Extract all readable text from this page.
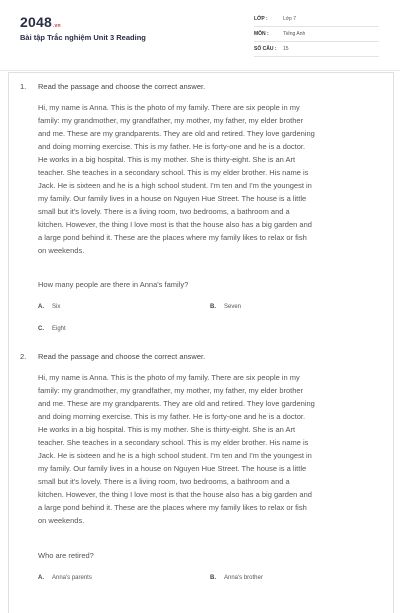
2048.vn
Bài tập Trắc nghiệm Unit 3 Reading
LỚP :	Lớp 7
MÔN :	Tiếng Anh
SỐ CÂU : 15
1. Read the passage and choose the correct answer.
Hi, my name is Anna. This is the photo of my family. There are six people in my
family: my grandmother, my grandfather, my mother, my father, my elder brother
and me. These are my grandparents. They are old and retired. They love gardening
and doing morning exercise. This is my father. He is forty-one and he is a doctor.
He works in a big hospital. This is my mother. She is thirty-eight. She is an Art
teacher. She teaches in a secondary school. This is my elder brother. His name is
Jack. He is sixteen and he is a high school student. I'm ten and I'm the youngest in
my family. Our family lives in a house on Nguyen Hue Street. The house is a little
small but it's lovely. There is a living room, two bedrooms, a bathroom and a
kitchen. However, the thing I love most is that the house also has a big garden and
a large pond behind it. These are the places where my family likes to relax or fish
on weekends.
How many people are there in Anna's family?
A. Six	B. Seven
C. Eight
2. Read the passage and choose the correct answer.
Hi, my name is Anna. This is the photo of my family. There are six people in my
family: my grandmother, my grandfather, my mother, my father, my elder brother
and me. These are my grandparents. They are old and retired. They love gardening
and doing morning exercise. This is my father. He is forty-one and he is a doctor.
He works in a big hospital. This is my mother. She is thirty-eight. She is an Art
teacher. She teaches in a secondary school. This is my elder brother. His name is
Jack. He is sixteen and he is a high school student. I'm ten and I'm the youngest in
my family. Our family lives in a house on Nguyen Hue Street. The house is a little
small but it's lovely. There is a living room, two bedrooms, a bathroom and a
kitchen. However, the thing I love most is that the house also has a big garden and
a large pond behind it. These are the places where my family likes to relax or fish
on weekends.
Who are retired?
A. Anna's parents	B. Anna's brother
